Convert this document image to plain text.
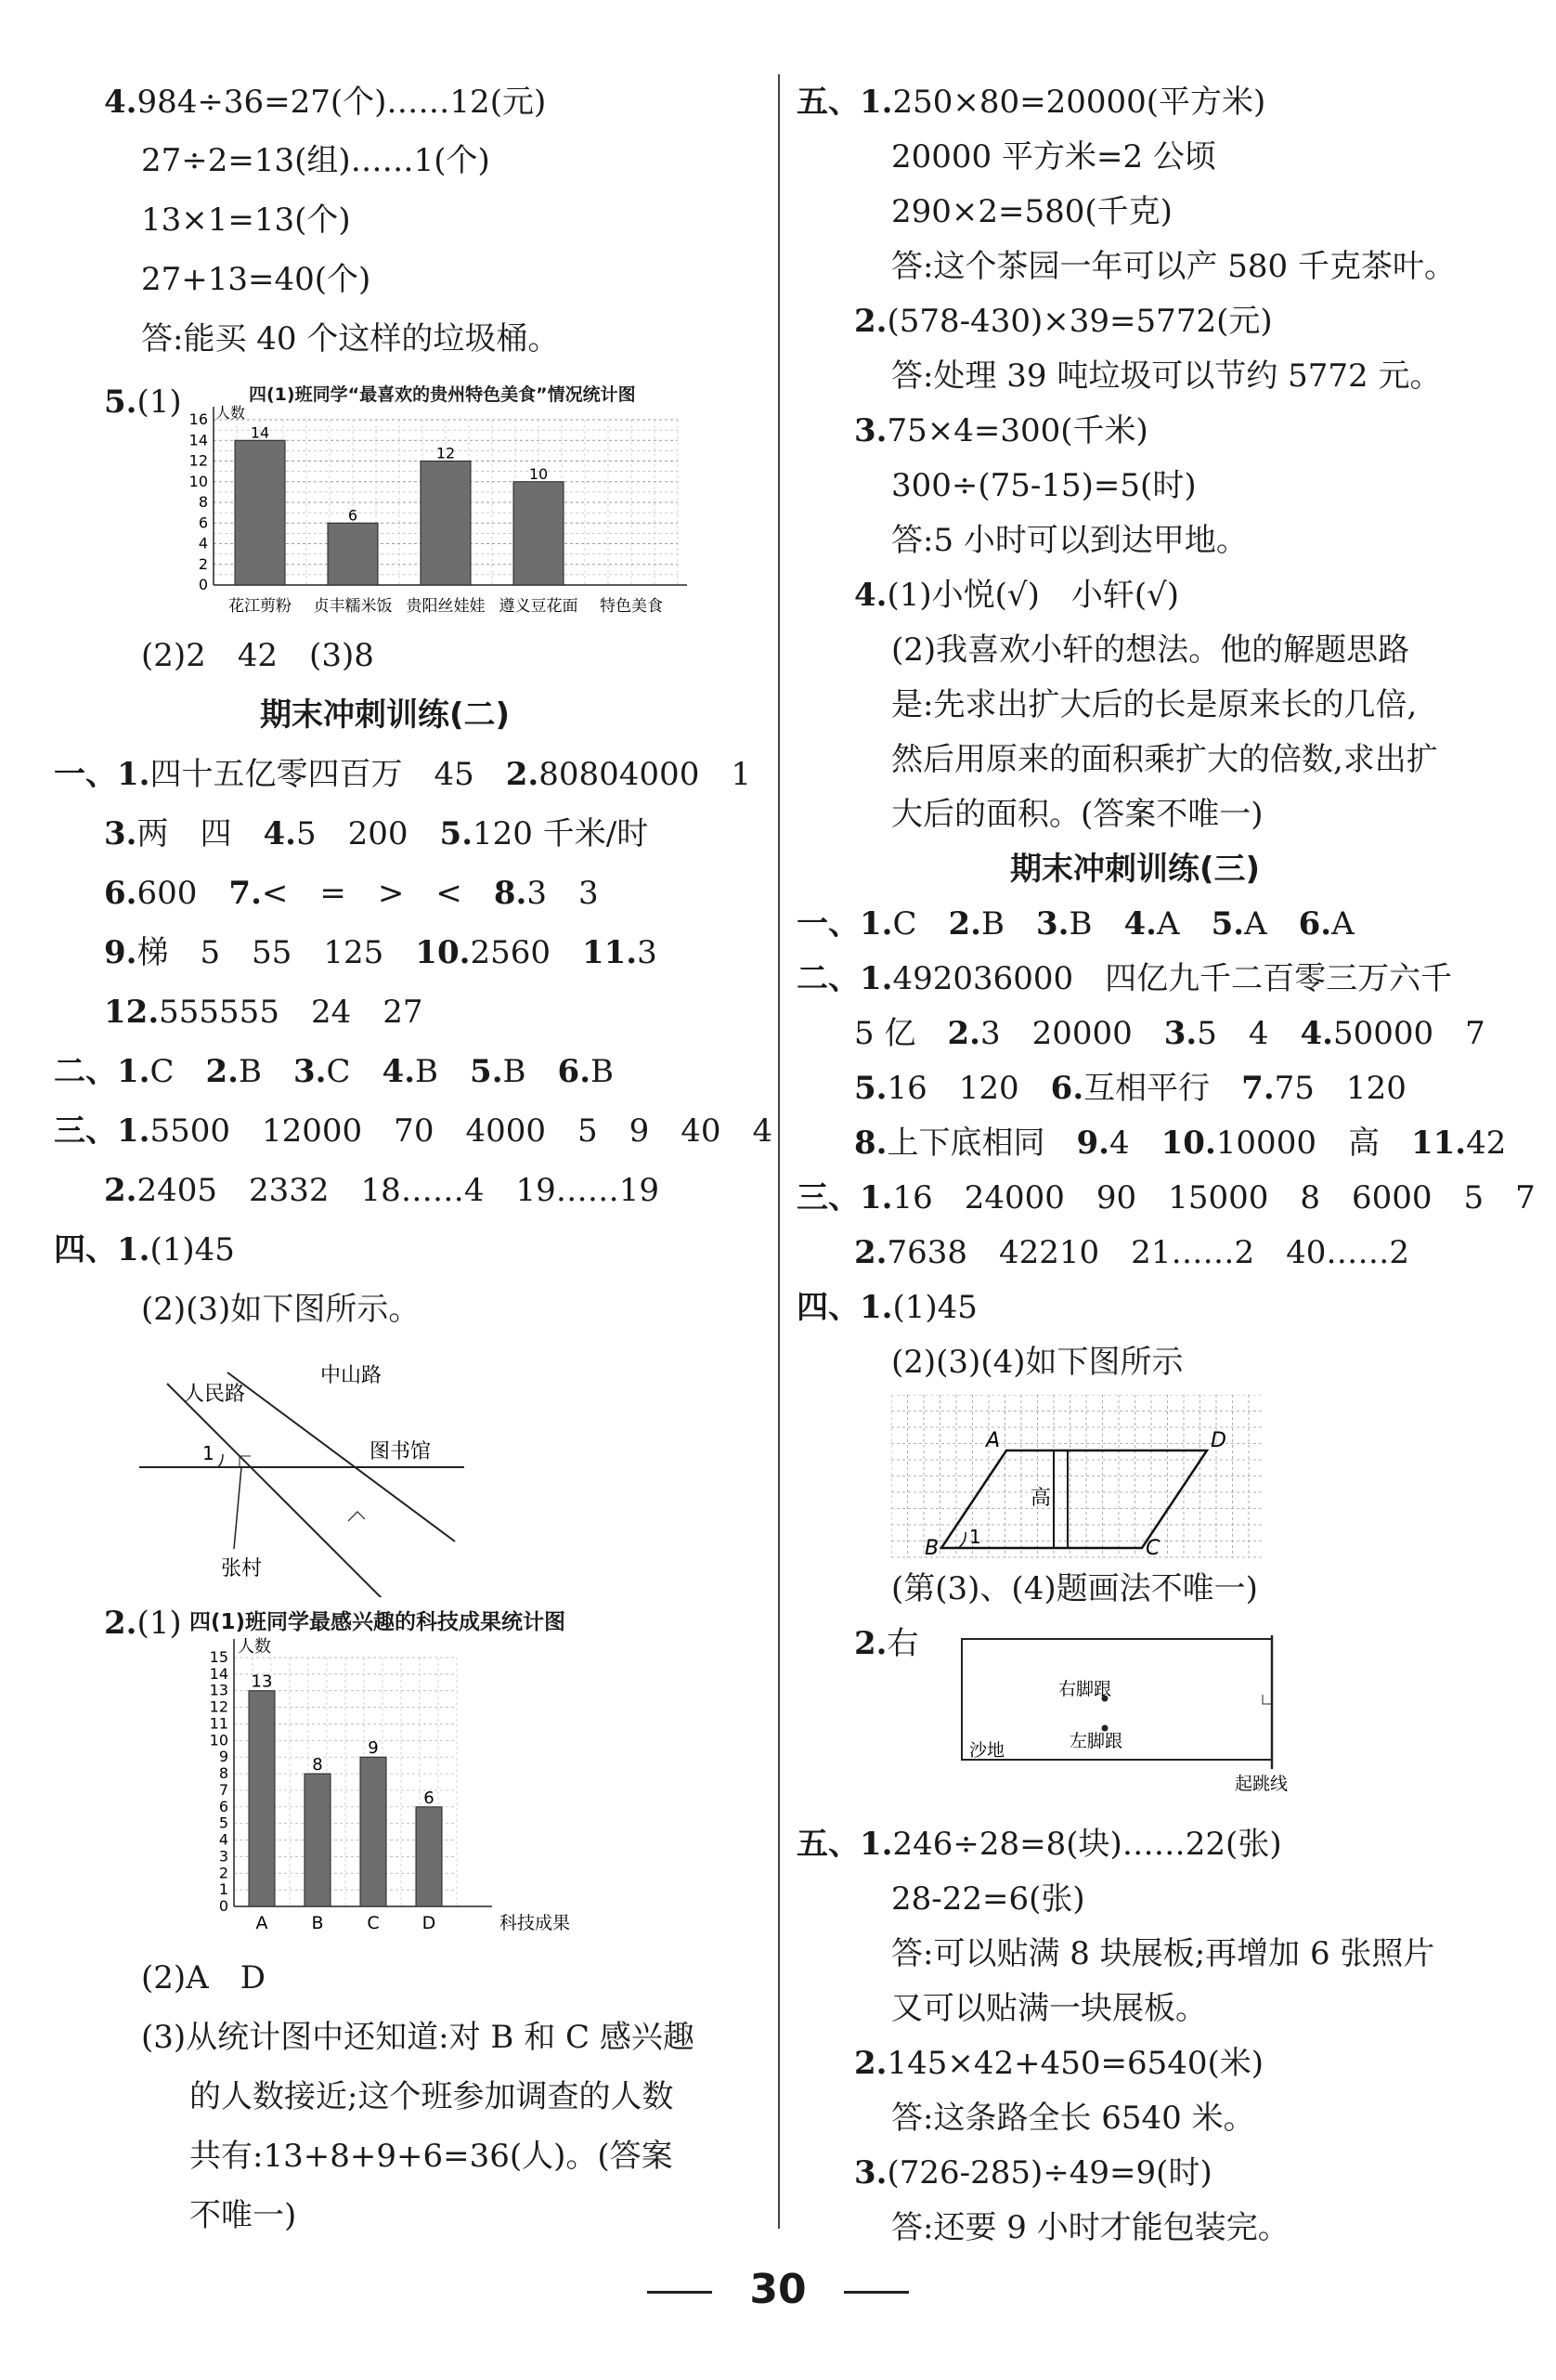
4.984÷36=27(个)……12(元)
27÷2=13(组)……1(个)
13×1=13(个)
27+13=40(个)
答:能买 40 个这样的垃圾桶。
5.(1)	四(1)班同学“最喜欢的贵州特色美食”情况统计图
人数
0
2
4
6
8
10
12
14
16
花江剪粉
14
贞丰糯米饭
6
贵阳丝娃娃
12
遵义豆花面
10
特色美食
(2)2　42　(3)8
期末冲刺训练(二)
一、1.四十五亿零四百万　45　2.80804000　1
3.两　四　4.5　200　5.120 千米/时
6.600　7.<　=　>　<　8.3　3
9.梯　5　55　125　10.2560　11.3
12.555555　24　27
二、1.C　 2.B　 3.C　 4.B　 5.B　 6.B
三、1.5500　12000　70　4000　5　9　40　4
2.2405　2332　18……4　19……19
四、1.(1)45
(2)(3)如下图所示。
人民路
中山路
图书馆
1
张村
2.(1) 四(1)班同学最感兴趣的科技成果统计图
人数
科技成果
0
1
2
3
4
5
6
7
8
9
10
11
12
13
14
15
A
13
B
8
C
9
D
6
(2)A　D
(3)从统计图中还知道:对 B 和 C 感兴趣
的人数接近;这个班参加调查的人数
共有:13+8+9+6=36(人)。(答案
不唯一)
五、1.250×80=20000(平方米)
20000 平方米=2 公顷
290×2=580(千克)
答:这个茶园一年可以产 580 千克茶叶。
2.(578-430)×39=5772(元)
答:处理 39 吨垃圾可以节约 5772 元。
3.75×4=300(千米)
300÷(75-15)=5(时)
答:5 小时可以到达甲地。
4.(1)小悦(√)　小轩(√)
(2)我喜欢小轩的想法。他的解题思路
是:先求出扩大后的长是原来长的几倍,
然后用原来的面积乘扩大的倍数,求出扩
大后的面积。(答案不唯一)
期末冲刺训练(三)
一、1.C　 2.B　 3.B　 4.A　 5.A　 6.A
二、1.492036000　四亿九千二百零三万六千
5 亿　2.3　20000　3.5　4　4.50000　7
5.16　120　6.互相平行　7.75　120
8.上下底相同　9.4　10.10000　高　11.42
三、1.16　24000　90　15000　8　6000　5　7
2.7638　42210　21……2　40……2
四、1.(1)45
(2)(3)(4)如下图所示
A	D
B	C
高
1
(第(3)、(4)题画法不唯一)
2.右
右脚跟
左脚跟
沙地
起跳线
五、1.246÷28=8(块)……22(张)
28-22=6(张)
答:可以贴满 8 块展板;再增加 6 张照片
又可以贴满一块展板。
2.145×42+450=6540(米)
答:这条路全长 6540 米。
3.(726-285)÷49=9(时)
答:还要 9 小时才能包装完。
30
